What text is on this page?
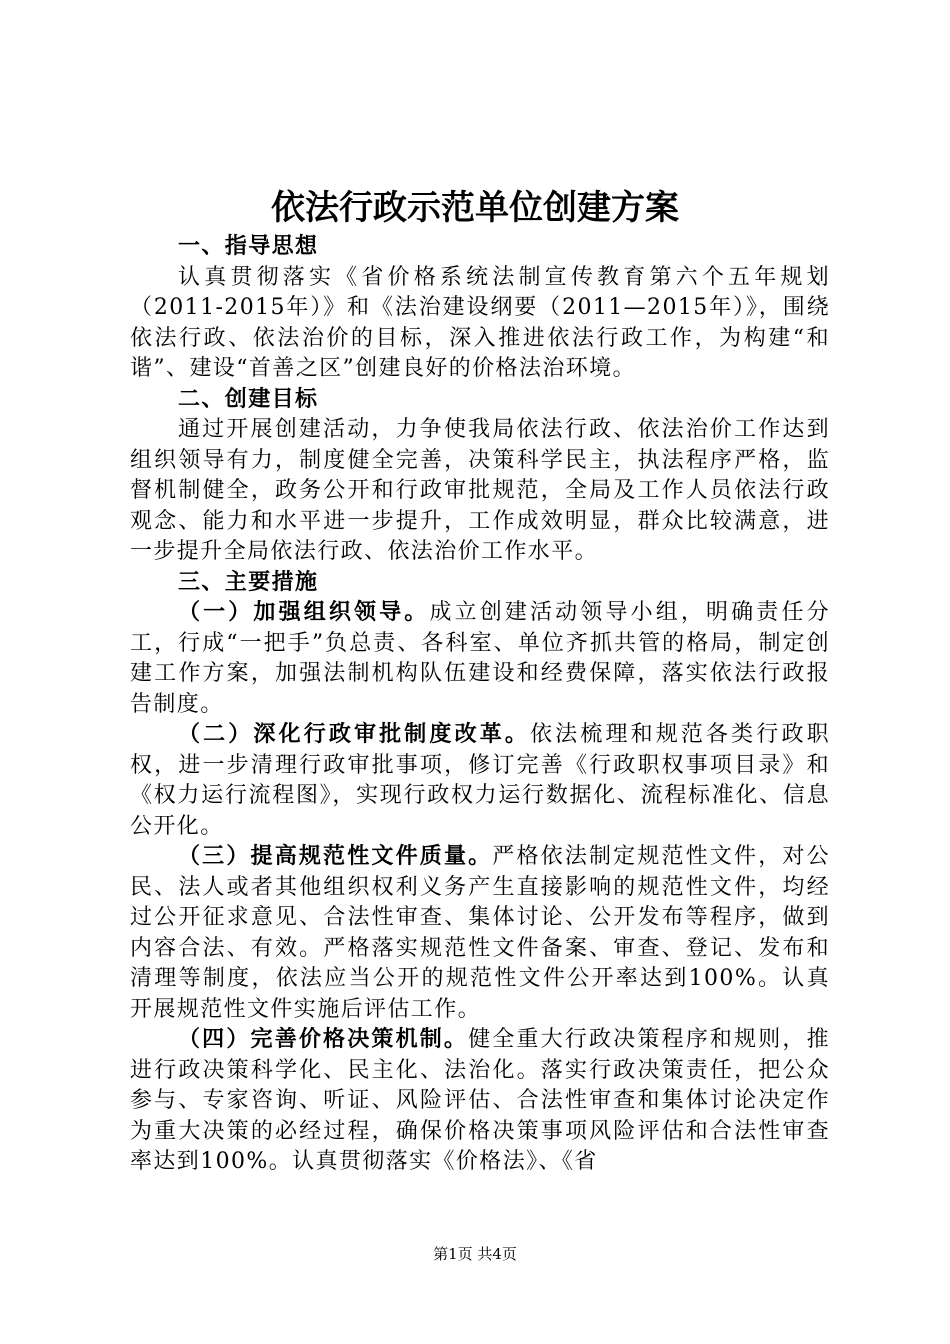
依法行政示范单位创建方案

一、指导思想

认真贯彻落实《省价格系统法制宣传教育第六个五年规划（2011-2015年）》和《法治建设纲要（2011—2015年）》，围绕依法行政、依法治价的目标，深入推进依法行政工作，为构建“和谐”、建设“首善之区”创建良好的价格法治环境。

二、创建目标

通过开展创建活动，力争使我局依法行政、依法治价工作达到组织领导有力，制度健全完善，决策科学民主，执法程序严格，监督机制健全，政务公开和行政审批规范，全局及工作人员依法行政观念、能力和水平进一步提升，工作成效明显，群众比较满意，进一步提升全局依法行政、依法治价工作水平。

三、主要措施

（一）加强组织领导。成立创建活动领导小组，明确责任分工，行成“一把手”负总责、各科室、单位齐抓共管的格局，制定创建工作方案，加强法制机构队伍建设和经费保障，落实依法行政报告制度。

（二）深化行政审批制度改革。依法梳理和规范各类行政职权，进一步清理行政审批事项，修订完善《行政职权事项目录》和《权力运行流程图》，实现行政权力运行数据化、流程标准化、信息公开化。

（三）提高规范性文件质量。严格依法制定规范性文件，对公民、法人或者其他组织权利义务产生直接影响的规范性文件，均经过公开征求意见、合法性审查、集体讨论、公开发布等程序，做到内容合法、有效。严格落实规范性文件备案、审查、登记、发布和清理等制度，依法应当公开的规范性文件公开率达到100%。认真开展规范性文件实施后评估工作。

（四）完善价格决策机制。健全重大行政决策程序和规则，推进行政决策科学化、民主化、法治化。落实行政决策责任，把公众参与、专家咨询、听证、风险评估、合法性审查和集体讨论决定作为重大决策的必经过程，确保价格决策事项风险评估和合法性审查率达到100%。认真贯彻落实《价格法》、《省

第1页 共4页
